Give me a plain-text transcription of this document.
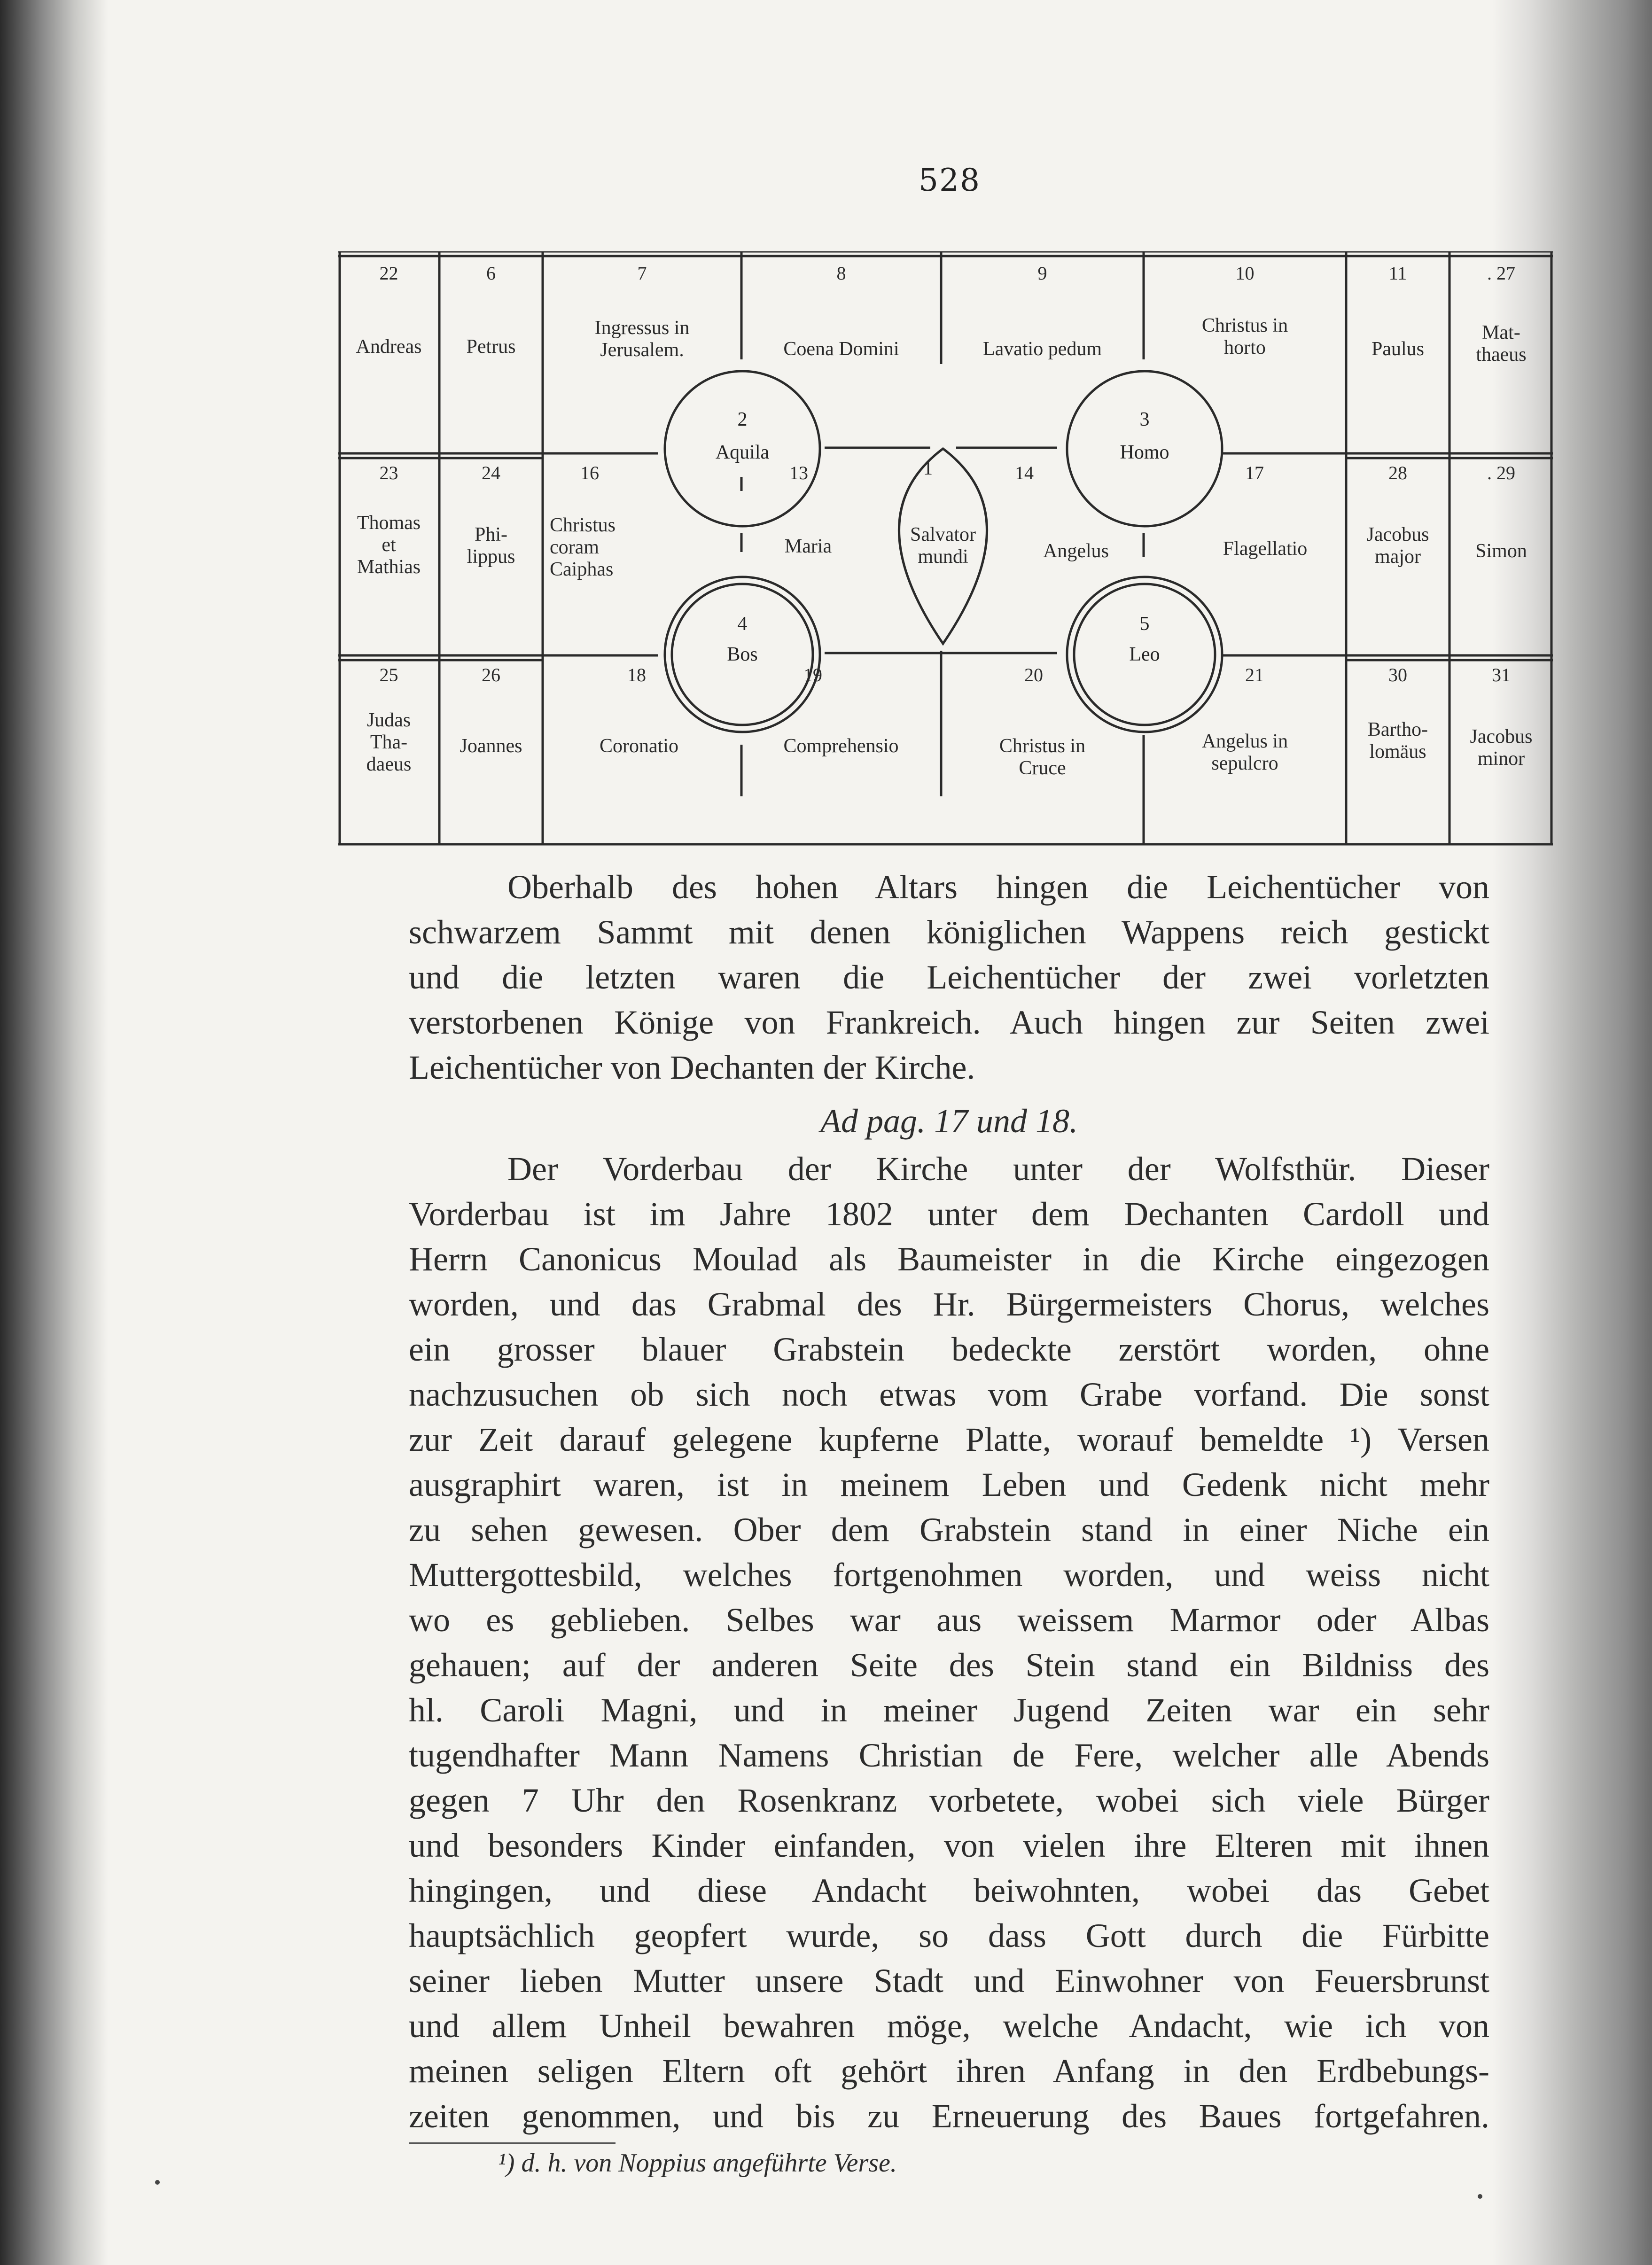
528
22
Andreas
6
Petrus
7
Ingressus in
Jerusalem.
8
Coena Domini
9
Lavatio pedum
10
Christus in
horto
11
Paulus
. 27
Mat-
thaeus
23
Thomas
et
Mathias
24
Phi-
lippus
16
Christus
coram
Caiphas
13
Maria
1
Salvator
mundi
14
Angelus
17
Flagellatio
28
Jacobus
major
. 29
Simon
25
Judas
Tha-
daeus
26
Joannes
18
Coronatio
19
Comprehensio
20
Christus in
Cruce
21
Angelus in
sepulcro
30
Bartho-
lomäus
31
Jacobus
minor
2
Aquila
3
Homo
4
Bos
5
Leo

Oberhalb des hohen Altars hingen die Leichentücher von

schwarzem Sammt mit denen königlichen Wappens reich gestickt

und die letzten waren die Leichentücher der zwei vorletzten

verstorbenen Könige von Frankreich. Auch hingen zur Seiten zwei

Leichentücher von Dechanten der Kirche.

Ad pag. 17 und 18.

Der Vorderbau der Kirche unter der Wolfsthür. Dieser

Vorderbau ist im Jahre 1802 unter dem Dechanten Cardoll und

Herrn Canonicus Moulad als Baumeister in die Kirche eingezogen

worden, und das Grabmal des Hr. Bürgermeisters Chorus, welches

ein grosser blauer Grabstein bedeckte zerstört worden, ohne

nachzusuchen ob sich noch etwas vom Grabe vorfand. Die sonst

zur Zeit darauf gelegene kupferne Platte, worauf bemeldte ¹) Versen

ausgraphirt waren, ist in meinem Leben und Gedenk nicht mehr

zu sehen gewesen. Ober dem Grabstein stand in einer Niche ein

Muttergottesbild, welches fortgenohmen worden, und weiss nicht

wo es geblieben. Selbes war aus weissem Marmor oder Albas

gehauen; auf der anderen Seite des Stein stand ein Bildniss des

hl. Caroli Magni, und in meiner Jugend Zeiten war ein sehr

tugendhafter Mann Namens Christian de Fere, welcher alle Abends

gegen 7 Uhr den Rosenkranz vorbetete, wobei sich viele Bürger

und besonders Kinder einfanden, von vielen ihre Elteren mit ihnen

hingingen, und diese Andacht beiwohnten, wobei das Gebet

hauptsächlich geopfert wurde, so dass Gott durch die Fürbitte

seiner lieben Mutter unsere Stadt und Einwohner von Feuersbrunst

und allem Unheil bewahren möge, welche Andacht, wie ich von

meinen seligen Eltern oft gehört ihren Anfang in den Erdbebungs-

zeiten genommen, und bis zu Erneuerung des Baues fortgefahren.

¹) d. h. von Noppius angeführte Verse.
